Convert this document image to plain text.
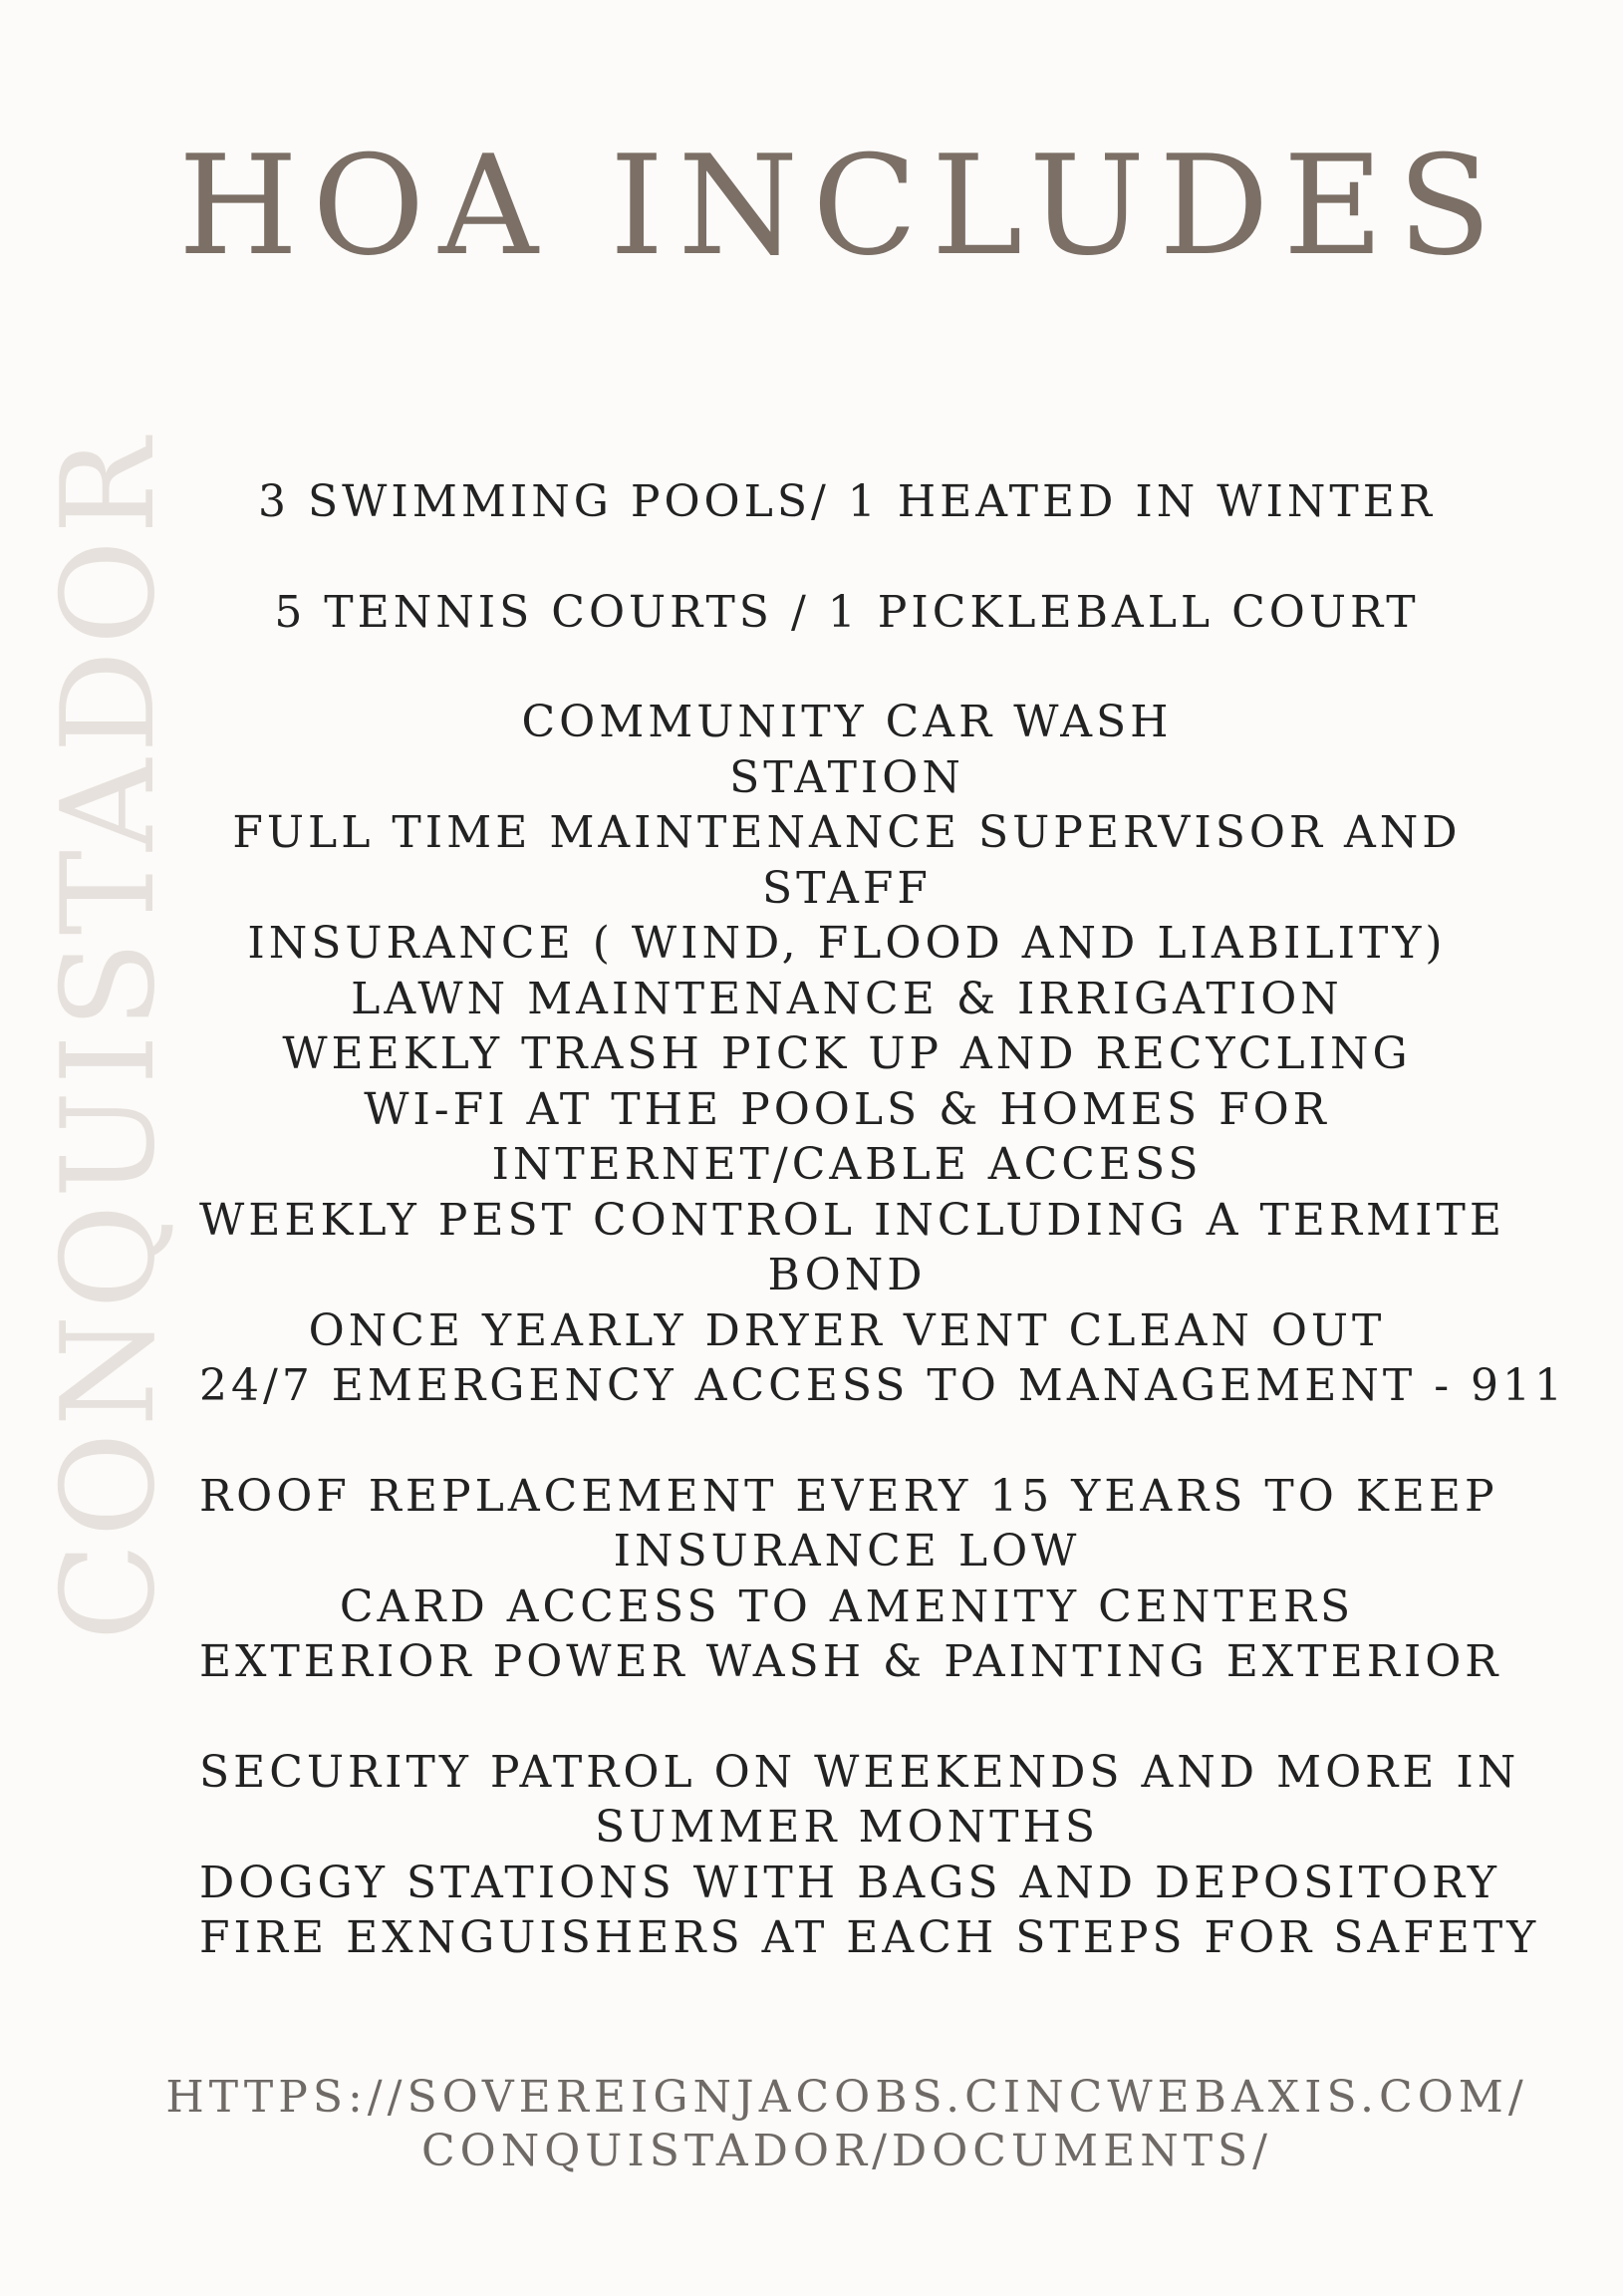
HOA INCLUDES
CONQUISTADOR	3 SWIMMING POOLS/ 1 HEATED IN WINTER
5 TENNIS COURTS / 1 PICKLEBALL COURT
COMMUNITY CAR WASH
STATION
FULL TIME MAINTENANCE SUPERVISOR AND
STAFF
INSURANCE ( WIND, FLOOD AND LIABILITY)
LAWN MAINTENANCE & IRRIGATION
WEEKLY TRASH PICK UP AND RECYCLING
WI-FI AT THE POOLS & HOMES FOR
INTERNET/CABLE ACCESS
WEEKLY PEST CONTROL INCLUDING A TERMITE
BOND
ONCE YEARLY DRYER VENT CLEAN OUT
24/7 EMERGENCY ACCESS TO MANAGEMENT - 911
ROOF REPLACEMENT EVERY 15 YEARS TO KEEP
INSURANCE LOW
CARD ACCESS TO AMENITY CENTERS
EXTERIOR POWER WASH & PAINTING EXTERIOR
SECURITY PATROL ON WEEKENDS AND MORE IN
SUMMER MONTHS
DOGGY STATIONS WITH BAGS AND DEPOSITORY
FIRE EXNGUISHERS AT EACH STEPS FOR SAFETY
HTTPS://SOVEREIGNJACOBS.CINCWEBAXIS.COM/
CONQUISTADOR/DOCUMENTS/
